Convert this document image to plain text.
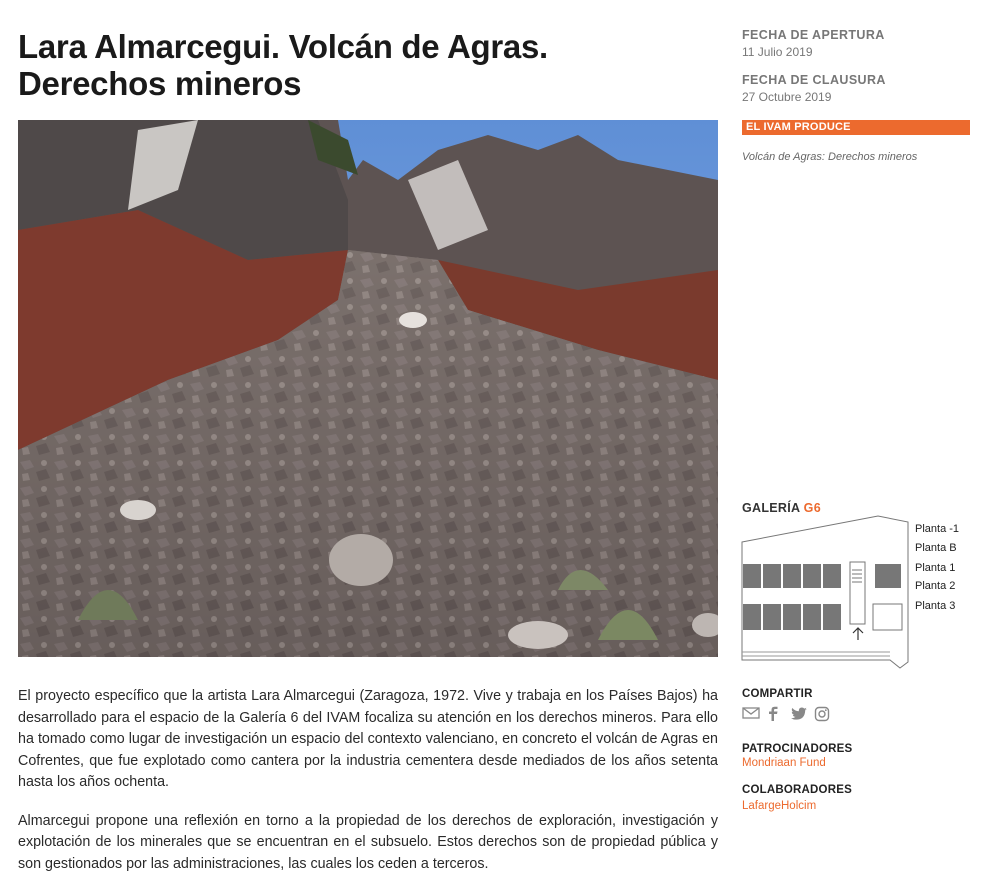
Lara Almarcegui. Volcán de Agras. Derechos mineros

El proyecto específico que la artista Lara Almarcegui (Zaragoza, 1972. Vive y trabaja en los Países Bajos) ha desarrollado para el espacio de la Galería 6 del IVAM focaliza su atención en los derechos mineros. Para ello ha tomado como lugar de investigación un espacio del contexto valenciano, en concreto el volcán de Agras en Cofrentes, que fue explotado como cantera por la industria cementera desde mediados de los años setenta hasta los años ochenta.

Almarcegui propone una reflexión en torno a la propiedad de los derechos de exploración, investigación y explotación de los minerales que se encuentran en el subsuelo. Estos derechos son de propiedad pública y son gestionados por las administraciones, las cuales los ceden a terceros.

FECHA DE APERTURA
11 Julio 2019
FECHA DE CLAUSURA
27 Octubre 2019
EL IVAM PRODUCE
Volcán de Agras: Derechos mineros
GALERÍA G6
Planta -1
Planta B
Planta 1
Planta 2
Planta 3
COMPARTIR
PATROCINADORES
Mondriaan Fund
COLABORADORES
LafargeHolcim
